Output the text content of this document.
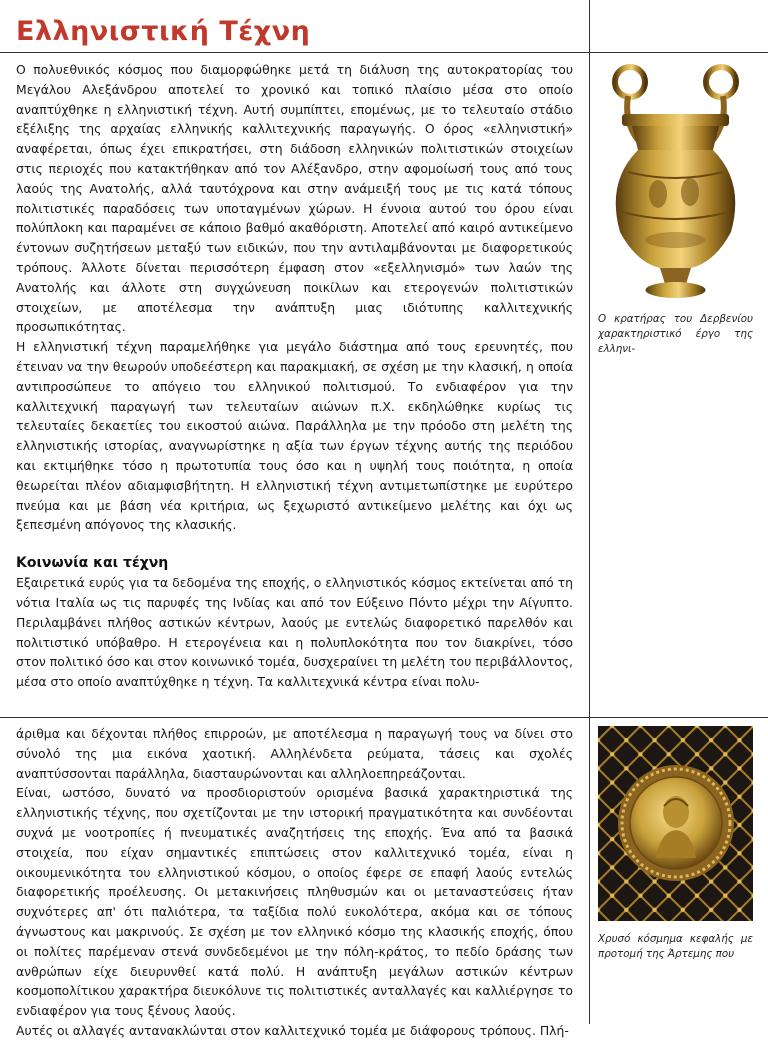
Ελληνιστική Τέχνη

Ο πολυεθνικός κόσμος που διαμορφώθηκε μετά τη διάλυση της αυτοκρατορίας του Μεγάλου Αλεξάνδρου αποτελεί το χρονικό και τοπικό πλαίσιο μέσα στο οποίο αναπτύχθηκε η ελληνιστική τέχνη. Αυτή συμπίπτει, επομένως, με το τελευταίο στάδιο εξέλιξης της αρχαίας ελληνικής καλλιτεχνικής παραγωγής. Ο όρος «ελληνιστική» αναφέρεται, όπως έχει επικρατήσει, στη διάδοση ελληνικών πολιτιστικών στοιχείων στις περιοχές που κατακτήθηκαν από τον Αλέξανδρο, στην αφομοίωσή τους από τους λαούς της Ανατολής, αλλά ταυτόχρονα και στην ανάμειξή τους με τις κατά τόπους πολιτιστικές παραδόσεις των υποταγμένων χώρων. Η έννοια αυτού του όρου είναι πολύπλοκη και παραμένει σε κάποιο βαθμό ακαθόριστη. Αποτελεί από καιρό αντικείμενο έντονων συζητήσεων μεταξύ των ειδικών, που την αντιλαμβάνονται με διαφορετικούς τρόπους. Άλλοτε δίνεται περισσότερη έμφαση στον «εξελληνισμό» των λαών της Ανατολής και άλλοτε στη συγχώνευση ποικίλων και ετερογενών πολιτιστικών στοιχείων, με αποτέλεσμα την ανάπτυξη μιας ιδιότυπης καλλιτεχνικής προσωπικότητας.

Η ελληνιστική τέχνη παραμελήθηκε για μεγάλο διάστημα από τους ερευνητές, που έτειναν να την θεωρούν υποδεέστερη και παρακμιακή, σε σχέση με την κλασική, η οποία αντιπροσώπευε το απόγειο του ελληνικού πολιτισμού. Το ενδιαφέρον για την καλλιτεχνική παραγωγή των τελευταίων αιώνων π.Χ. εκδηλώθηκε κυρίως τις τελευταίες δεκαετίες του εικοστού αιώνα. Παράλληλα με την πρόοδο στη μελέτη της ελληνιστικής ιστορίας, αναγνωρίστηκε η αξία των έργων τέχνης αυτής της περιόδου και εκτιμήθηκε τόσο η πρωτοτυπία τους όσο και η υψηλή τους ποιότητα, η οποία θεωρείται πλέον αδιαμφισβήτητη. Η ελληνιστική τέχνη αντιμετωπίστηκε με ευρύτερο πνεύμα και με βάση νέα κριτήρια, ως ξεχωριστό αντικείμενο μελέτης και όχι ως ξεπεσμένη απόγονος της κλασικής.

Κοινωνία και τέχνη

Εξαιρετικά ευρύς για τα δεδομένα της εποχής, ο ελληνιστικός κόσμος εκτείνεται από τη νότια Ιταλία ως τις παρυφές της Ινδίας και από τον Εύξεινο Πόντο μέχρι την Αίγυπτο. Περιλαμβάνει πλήθος αστικών κέντρων, λαούς με εντελώς διαφορετικό παρελθόν και πολιτιστικό υπόβαθρο. Η ετερογένεια και η πολυπλοκότητα που τον διακρίνει, τόσο στον πολιτικό όσο και στον κοινωνικό τομέα, δυσχεραίνει τη μελέτη του περιβάλλοντος, μέσα στο οποίο αναπτύχθηκε η τέχνη. Τα καλλιτεχνικά κέντρα είναι πολυ-

Ο κρατήρας του Δερβενίου χαρακτηριστικό έργο της ελληνι-

άριθμα και δέχονται πλήθος επιρροών, με αποτέλεσμα η παραγωγή τους να δίνει στο σύνολό της μια εικόνα χαοτική. Αλληλένδετα ρεύματα, τάσεις και σχολές αναπτύσσονται παράλληλα, διασταυρώνονται και αλληλοεπηρεάζονται.

Είναι, ωστόσο, δυνατό να προσδιοριστούν ορισμένα βασικά χαρακτηριστικά της ελληνιστικής τέχνης, που σχετίζονται με την ιστορική πραγματικότητα και συνδέονται συχνά με νοοτροπίες ή πνευματικές αναζητήσεις της εποχής. Ένα από τα βασικά στοιχεία, που είχαν σημαντικές επιπτώσεις στον καλλιτεχνικό τομέα, είναι η οικουμενικότητα του ελληνιστικού κόσμου, ο οποίος έφερε σε επαφή λαούς εντελώς διαφορετικής προέλευσης. Οι μετακινήσεις πληθυσμών και οι μεταναστεύσεις ήταν συχνότερες απ' ότι παλιότερα, τα ταξίδια πολύ ευκολότερα, ακόμα και σε τόπους άγνωστους και μακρινούς. Σε σχέση με τον ελληνικό κόσμο της κλασικής εποχής, όπου οι πολίτες παρέμεναν στενά συνδεδεμένοι με την πόλη-κράτος, το πεδίο δράσης των ανθρώπων είχε διευρυνθεί κατά πολύ. Η ανάπτυξη μεγάλων αστικών κέντρων κοσμοπολίτικου χαρακτήρα διευκόλυνε τις πολιτιστικές ανταλλαγές και καλλιέργησε το ενδιαφέρον για τους ξένους λαούς.

Αυτές οι αλλαγές αντανακλώνται στον καλλιτεχνικό τομέα με διάφορους τρόπους. Πλή-

Χρυσό κόσμημα κεφαλής με προτομή της Άρτεμης που
